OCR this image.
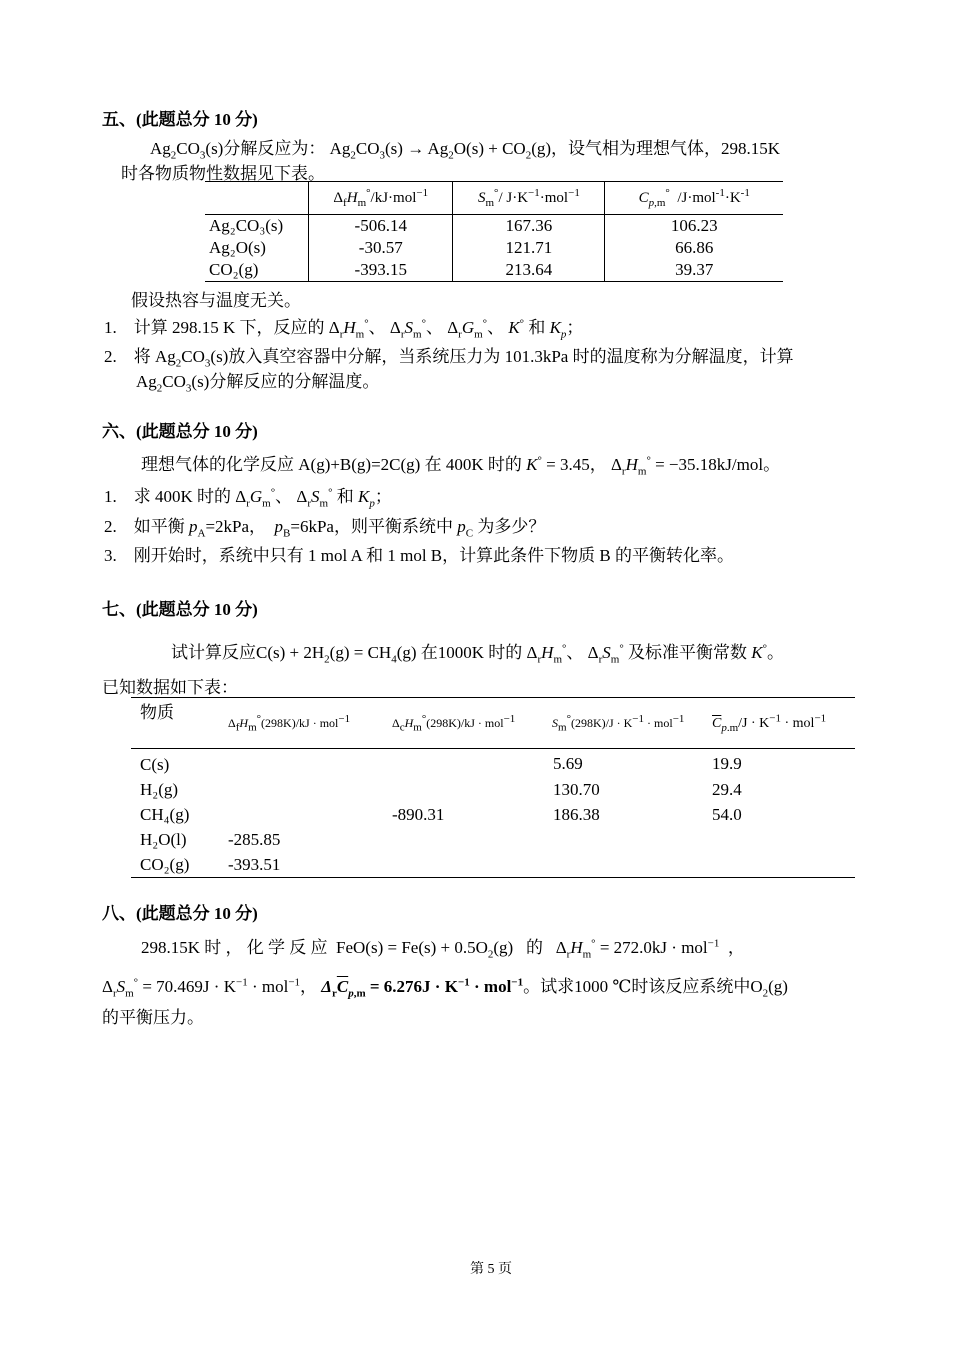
五、(此题总分 10 分)
$Ag_2CO_3(s)$分解反应为： $Ag_2CO_3(s) \to Ag_2O(s) + CO_2(g)$，设气相为理想气体，298.15K
时各物质物性数据见下表。
	$\Delta_fH_m^\circ/kJ\cdot mol^{-1}$	$S_m^\circ/$ $J\cdot K^{-1}\cdot mol^{-1}$	$C_{p,m}^\circ$ $/J\cdot mol^{-1}\cdot K^{-1}$
Ag₂CO₃(s)	-506.14	167.36	106.23
Ag₂O(s)	-30.57	121.71	66.86
CO₂(g)	-393.15	213.64	39.37
假设热容与温度无关。
1.    计算 298.15 K 下，反应的 $\Delta_rH_m^\circ$、 $\Delta_rS_m^\circ$、 $\Delta_rG_m^\circ$、 K° 和 $K_p$；
2.    将 $Ag_2CO_3(s)$放入真空容器中分解，当系统压力为 101.3kPa 时的温度称为分解温度，计算
$Ag_2CO_3(s)$分解反应的分解温度。
六、(此题总分 10 分)
理想气体的化学反应 A(g)+B(g)=2C(g) 在 400K 时的 K° = 3.45， $\Delta_rH_m^\circ = -35.18kJ/mol$。
1.    求 400K 时的 $\Delta_rG_m^\circ$、 $\Delta_rS_m^\circ$ 和 $K_p$；
2.    如平衡 $p_A=2kPa$， $p_B=6kPa$，则平衡系统中 $p_C$ 为多少？
3.    刚开始时，系统中只有 1 mol A 和 1 mol B，计算此条件下物质 B 的平衡转化率。
七、(此题总分 10 分)
试计算反应$C(s) + 2H_2(g) = CH_4(g)$ 在1000K 时的 $\Delta_rH_m^\circ$、 $\Delta_rS_m^\circ$ 及标准平衡常数 K°。
已知数据如下表：
物质	$\Delta_fH_m^\circ(298K)/kJ \cdot mol^{-1}$	$\Delta_cH_m^\circ(298K)/kJ \cdot mol^{-1}$	$S_m^\circ(298K)/J \cdot K^{-1} \cdot mol^{-1}$	$\overline{C}_{p.m}/J \cdot K^{-1} \cdot mol^{-1}$
C(s)			5.69	19.9
H₂(g)			130.70	29.4
CH₄(g)		-890.31	186.38	54.0
H₂O(l)	-285.85			
CO₂(g)	-393.51			
八、(此题总分 10 分)
298.15K 时 ， 化 学 反 应 $FeO(s) = Fe(s) + 0.5O_2(g)$ 的   $\Delta_rH_m^\circ = 272.0kJ \cdot mol^{-1}$  ，
$\Delta_rS_m^\circ = 70.469J \cdot K^{-1} \cdot mol^{-1}$， $\Delta_r\overline{C}_{p,m} = 6.276J \cdot K^{-1} \cdot mol^{-1}$。试求1000 ℃时该反应系统中$O_2(g)$
的平衡压力。
第 5 页
